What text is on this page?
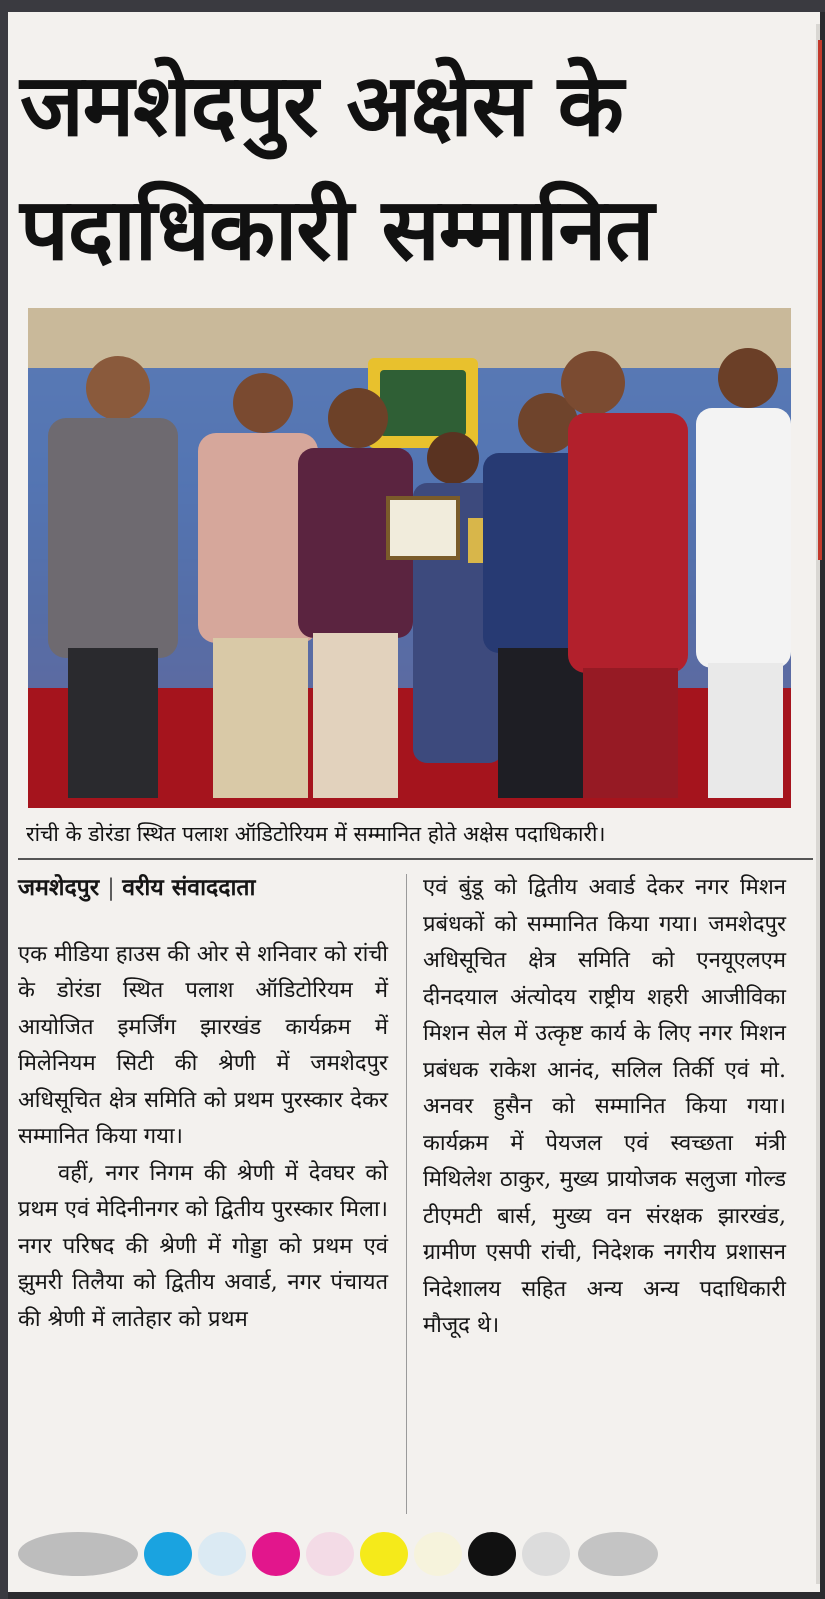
जमशेदपुर अक्षेस के
पदाधिकारी सम्मानित
रांची के डोरंडा स्थित पलाश ऑडिटोरियम में सम्मानित होते अक्षेस पदाधिकारी।
जमशेदपुर | वरीय संवाददाता

एक मीडिया हाउस की ओर से शनिवार को रांची के डोरंडा स्थित पलाश ऑडिटोरियम में आयोजित इमर्जिंग झारखंड कार्यक्रम में मिलेनियम सिटी की श्रेणी में जमशेदपुर अधिसूचित क्षेत्र समिति को प्रथम पुरस्कार देकर सम्मानित किया गया।

वहीं, नगर निगम की श्रेणी में देवघर को प्रथम एवं मेदिनीनगर को द्वितीय पुरस्कार मिला। नगर परिषद की श्रेणी में गोड्डा को प्रथम एवं झुमरी तिलैया को द्वितीय अवार्ड, नगर पंचायत की श्रेणी में लातेहार को प्रथम

एवं बुंडू को द्वितीय अवार्ड देकर नगर मिशन प्रबंधकों को सम्मानित किया गया। जमशेदपुर अधिसूचित क्षेत्र समिति को एनयूएलएम दीनदयाल अंत्योदय राष्ट्रीय शहरी आजीविका मिशन सेल में उत्कृष्ट कार्य के लिए नगर मिशन प्रबंधक राकेश आनंद, सलिल तिर्की एवं मो. अनवर हुसैन को सम्मानित किया गया। कार्यक्रम में पेयजल एवं स्वच्छता मंत्री मिथिलेश ठाकुर, मुख्य प्रायोजक सलुजा गोल्ड टीएमटी बार्स, मुख्य वन संरक्षक झारखंड, ग्रामीण एसपी रांची, निदेशक नगरीय प्रशासन निदेशालय सहित अन्य अन्य पदाधिकारी मौजूद थे।
